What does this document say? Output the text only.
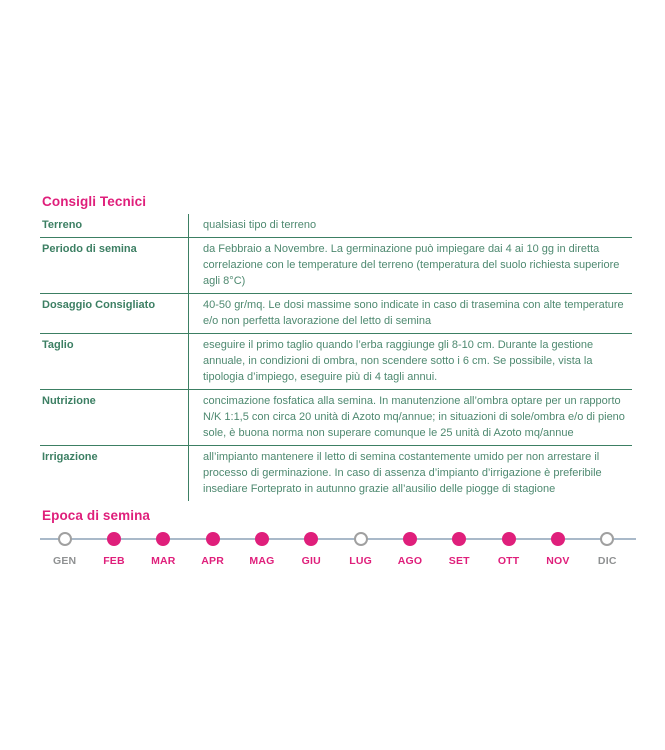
Consigli Tecnici
Terreno	qualsiasi tipo di terreno
Periodo di semina	da Febbraio a Novembre. La germinazione può impiegare dai 4 ai 10 gg in diretta correlazione con le temperature del terreno (temperatura del suolo richiesta superiore agli 8°C)
Dosaggio Consigliato	40-50 gr/mq. Le dosi massime sono indicate in caso di trasemina con alte temperature e/o non perfetta lavorazione del letto di semina
Taglio	eseguire il primo taglio quando l’erba raggiunge gli 8-10 cm. Durante la gestione annuale, in condizioni di ombra, non scendere sotto i 6 cm. Se possibile, vista la tipologia d’impiego, eseguire più di 4 tagli annui.
Nutrizione	concimazione fosfatica alla semina. In manutenzione all’ombra optare per un rapporto N/K 1:1,5 con circa 20 unità di Azoto mq/annue; in situazioni di sole/ombra e/o di pieno sole, è buona norma non superare comunque le 25 unità di Azoto mq/annue
Irrigazione	all’impianto mantenere il letto di semina costantemente umido per non arrestare il processo di germinazione. In caso di assenza d’impianto d’irrigazione è preferibile insediare Forteprato in autunno grazie all’ausilio delle piogge di stagione
Epoca di semina
GEN	FEB	MAR APR MAG	GIU	LUG AGO	SET	OTT	NOV	DIC
